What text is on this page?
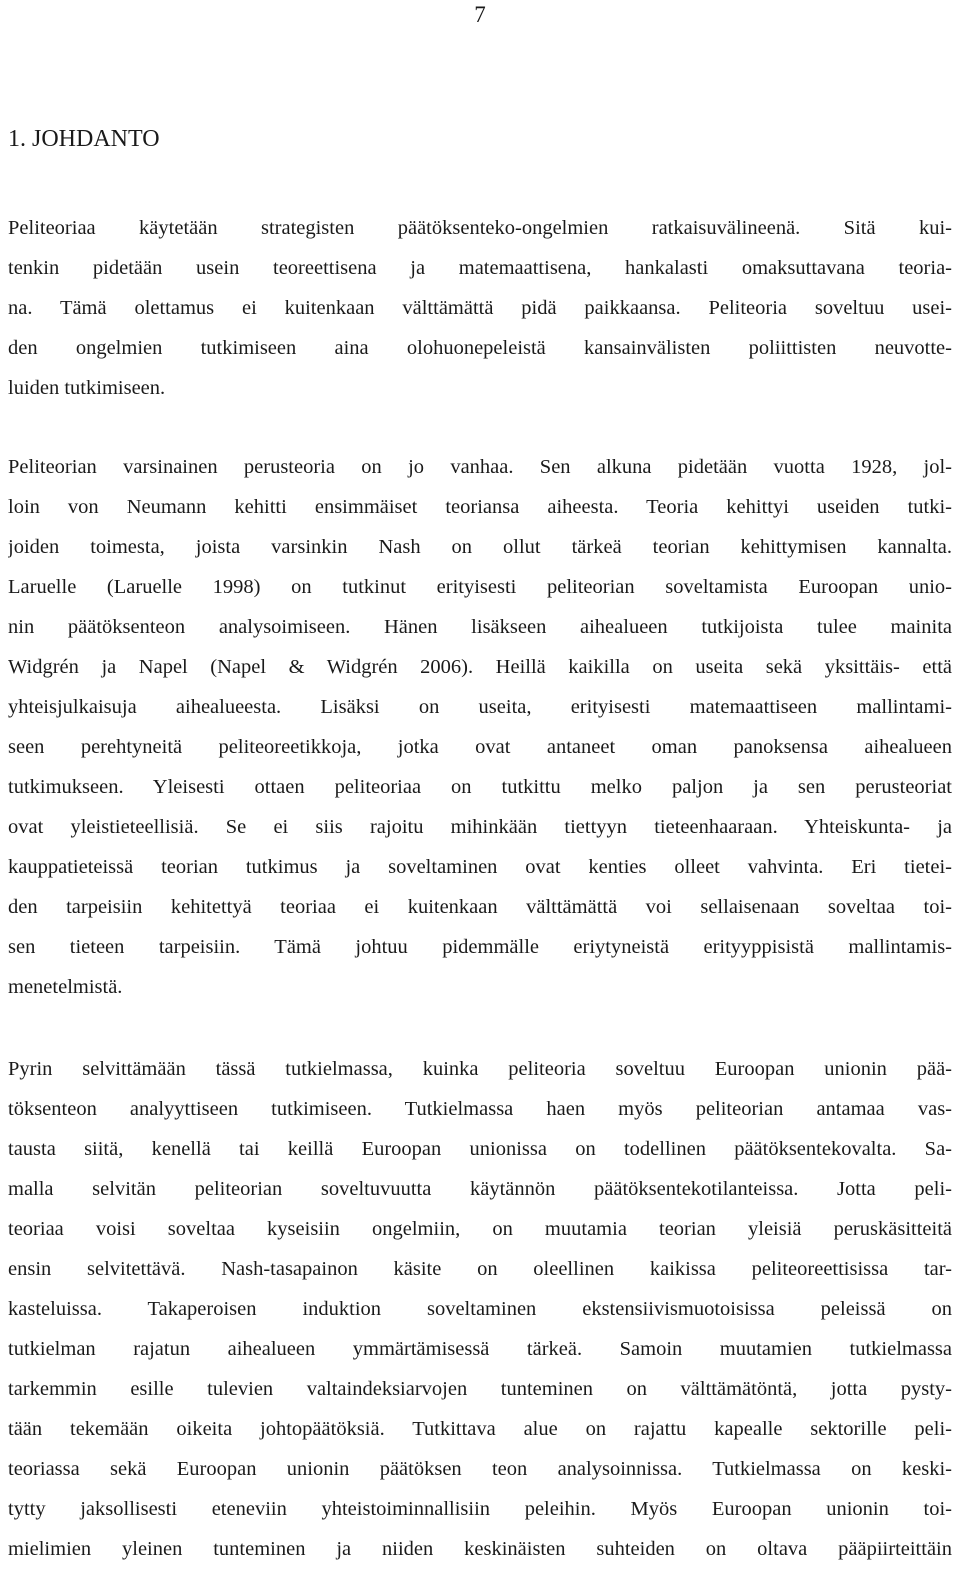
7
1. JOHDANTO
Peliteoriaa käytetään strategisten päätöksenteko-ongelmien ratkaisuvälineenä. Sitä kui-
tenkin pidetään usein teoreettisena ja matemaattisena, hankalasti omaksuttavana teoria-
na. Tämä olettamus ei kuitenkaan välttämättä pidä paikkaansa. Peliteoria soveltuu usei-
den ongelmien tutkimiseen aina olohuonepeleistä kansainvälisten poliittisten neuvotte-
luiden tutkimiseen.
Peliteorian varsinainen perusteoria on jo vanhaa. Sen alkuna pidetään vuotta 1928, jol-
loin von Neumann kehitti ensimmäiset teoriansa aiheesta. Teoria kehittyi useiden tutki-
joiden toimesta, joista varsinkin Nash on ollut tärkeä teorian kehittymisen kannalta.
Laruelle (Laruelle 1998) on tutkinut erityisesti peliteorian soveltamista Euroopan unio-
nin päätöksenteon analysoimiseen. Hänen lisäkseen aihealueen tutkijoista tulee mainita
Widgrén ja Napel (Napel & Widgrén 2006). Heillä kaikilla on useita sekä yksittäis- että
yhteisjulkaisuja aihealueesta. Lisäksi on useita, erityisesti matemaattiseen mallintami-
seen perehtyneitä peliteoreetikkoja, jotka ovat antaneet oman panoksensa aihealueen
tutkimukseen. Yleisesti ottaen peliteoriaa on tutkittu melko paljon ja sen perusteoriat
ovat yleistieteellisiä. Se ei siis rajoitu mihinkään tiettyyn tieteenhaaraan. Yhteiskunta- ja
kauppatieteissä teorian tutkimus ja soveltaminen ovat kenties olleet vahvinta. Eri tietei-
den tarpeisiin kehitettyä teoriaa ei kuitenkaan välttämättä voi sellaisenaan soveltaa toi-
sen tieteen tarpeisiin. Tämä johtuu pidemmälle eriytyneistä erityyppisistä mallintamis-
menetelmistä.
Pyrin selvittämään tässä tutkielmassa, kuinka peliteoria soveltuu Euroopan unionin pää-
töksenteon analyyttiseen tutkimiseen. Tutkielmassa haen myös peliteorian antamaa vas-
tausta siitä, kenellä tai keillä Euroopan unionissa on todellinen päätöksentekovalta. Sa-
malla selvitän peliteorian soveltuvuutta käytännön päätöksentekotilanteissa. Jotta peli-
teoriaa voisi soveltaa kyseisiin ongelmiin, on muutamia teorian yleisiä peruskäsitteitä
ensin selvitettävä. Nash-tasapainon käsite on oleellinen kaikissa peliteoreettisissa tar-
kasteluissa. Takaperoisen induktion soveltaminen ekstensiivismuotoisissa peleissä on
tutkielman rajatun aihealueen ymmärtämisessä tärkeä. Samoin muutamien tutkielmassa
tarkemmin esille tulevien valtaindeksiarvojen tunteminen on välttämätöntä, jotta pysty-
tään tekemään oikeita johtopäätöksiä. Tutkittava alue on rajattu kapealle sektorille peli-
teoriassa sekä Euroopan unionin päätöksen teon analysoinnissa. Tutkielmassa on keski-
tytty jaksollisesti eteneviin yhteistoiminnallisiin peleihin. Myös Euroopan unionin toi-
mielimien yleinen tunteminen ja niiden keskinäisten suhteiden on oltava pääpiirteittäin
